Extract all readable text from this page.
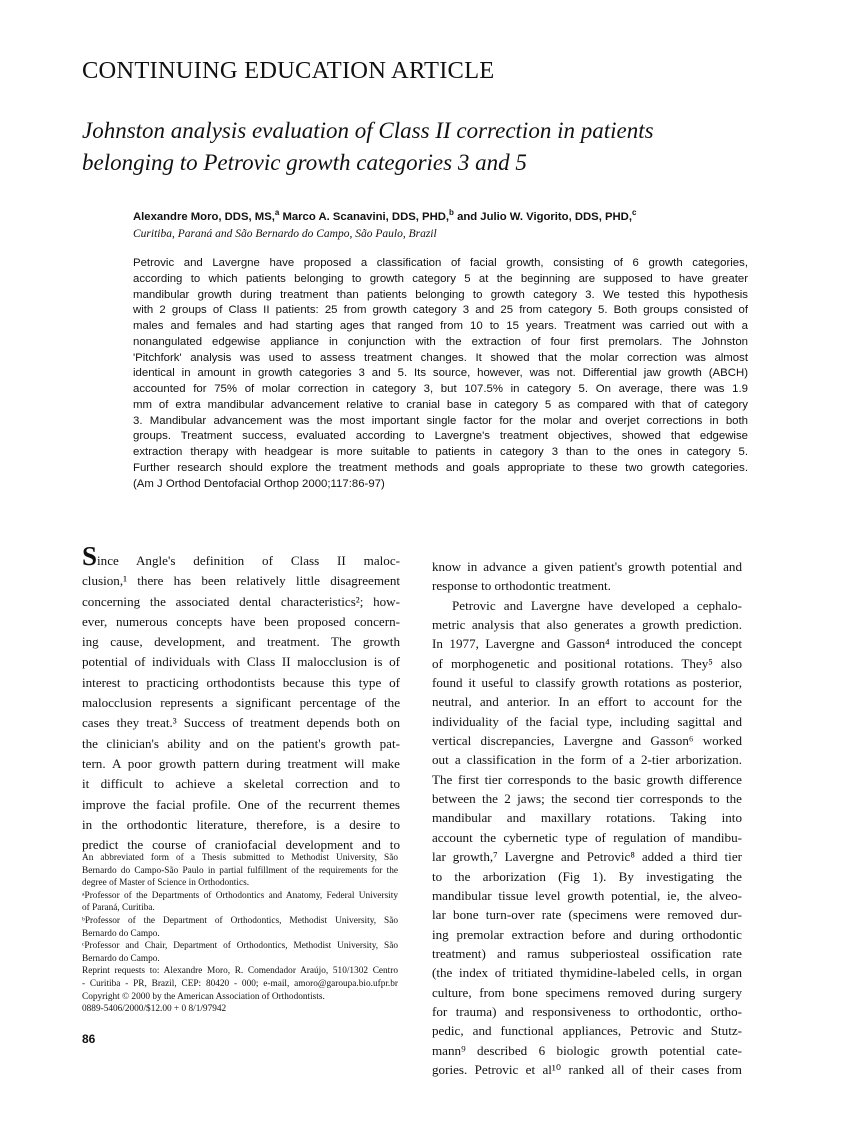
CONTINUING EDUCATION ARTICLE
Johnston analysis evaluation of Class II correction in patients
belonging to Petrovic growth categories 3 and 5
Alexandre Moro, DDS, MS,$^a$ Marco A. Scanavini, DDS, PHD,$^b$ and Julio W. Vigorito, DDS, PHD,$^c$
Curitiba, Paraná and São Bernardo do Campo, São Paulo, Brazil
Petrovic and Lavergne have proposed a classification of facial growth, consisting of 6 growth categories,
according to which patients belonging to growth category 5 at the beginning are supposed to have greater
mandibular growth during treatment than patients belonging to growth category 3. We tested this hypothesis
with 2 groups of Class II patients: 25 from growth category 3 and 25 from category 5. Both groups consisted of
males and females and had starting ages that ranged from 10 to 15 years. Treatment was carried out with a
nonangulated edgewise appliance in conjunction with the extraction of four first premolars. The Johnston
'Pitchfork' analysis was used to assess treatment changes. It showed that the molar correction was almost
identical in amount in growth categories 3 and 5. Its source, however, was not. Differential jaw growth (ABCH)
accounted for 75% of molar correction in category 3, but 107.5% in category 5. On average, there was 1.9
mm of extra mandibular advancement relative to cranial base in category 5 as compared with that of category
3. Mandibular advancement was the most important single factor for the molar and overjet corrections in both
groups. Treatment success, evaluated according to Lavergne's treatment objectives, showed that edgewise
extraction therapy with headgear is more suitable to patients in category 3 than to the ones in category 5.
Further research should explore the treatment methods and goals appropriate to these two growth categories.
(Am J Orthod Dentofacial Orthop 2000;117:86-97)
Since Angle's definition of Class II maloc-
clusion,¹ there has been relatively little disagreement
concerning the associated dental characteristics²; how-
ever, numerous concepts have been proposed concern-
ing cause, development, and treatment. The growth
potential of individuals with Class II malocclusion is of
interest to practicing orthodontists because this type of
malocclusion represents a significant percentage of the
cases they treat.³ Success of treatment depends both on
the clinician's ability and on the patient's growth pat-
tern. A poor growth pattern during treatment will make
it difficult to achieve a skeletal correction and to
improve the facial profile. One of the recurrent themes
in the orthodontic literature, therefore, is a desire to
predict the course of craniofacial development and to
know in advance a given patient's growth potential and
response to orthodontic treatment.
Petrovic and Lavergne have developed a cephalo-
metric analysis that also generates a growth prediction.
In 1977, Lavergne and Gasson⁴ introduced the concept
of morphogenetic and positional rotations. They⁵ also
found it useful to classify growth rotations as posterior,
neutral, and anterior. In an effort to account for the
individuality of the facial type, including sagittal and
vertical discrepancies, Lavergne and Gasson⁶ worked
out a classification in the form of a 2-tier arborization.
The first tier corresponds to the basic growth difference
between the 2 jaws; the second tier corresponds to the
mandibular and maxillary rotations. Taking into
account the cybernetic type of regulation of mandibu-
lar growth,⁷ Lavergne and Petrovic⁸ added a third tier
to the arborization (Fig 1). By investigating the
mandibular tissue level growth potential, ie, the alveo-
lar bone turn-over rate (specimens were removed dur-
ing premolar extraction before and during orthodontic
treatment) and ramus subperiosteal ossification rate
(the index of tritiated thymidine-labeled cells, in organ
culture, from bone specimens removed during surgery
for trauma) and responsiveness to orthodontic, ortho-
pedic, and functional appliances, Petrovic and Stutz-
mann⁹ described 6 biologic growth potential cate-
gories. Petrovic et al¹⁰ ranked all of their cases from
An abbreviated form of a Thesis submitted to Methodist University, São
Bernardo do Campo-São Paulo in partial fulfillment of the requirements for the
degree of Master of Science in Orthodontics.
ᵃProfessor of the Departments of Orthodontics and Anatomy, Federal University
of Paraná, Curitiba.
ᵇProfessor of the Department of Orthodontics, Methodist University, São
Bernardo do Campo.
ᶜProfessor and Chair, Department of Orthodontics, Methodist University, São
Bernardo do Campo.
Reprint requests to: Alexandre Moro, R. Comendador Araújo, 510/1302 Centro
- Curitiba - PR, Brazil, CEP: 80420 - 000; e-mail, amoro@garoupa.bio.ufpr.br
Copyright © 2000 by the American Association of Orthodontists.
0889-5406/2000/$12.00 + 0 8/1/97942
86
